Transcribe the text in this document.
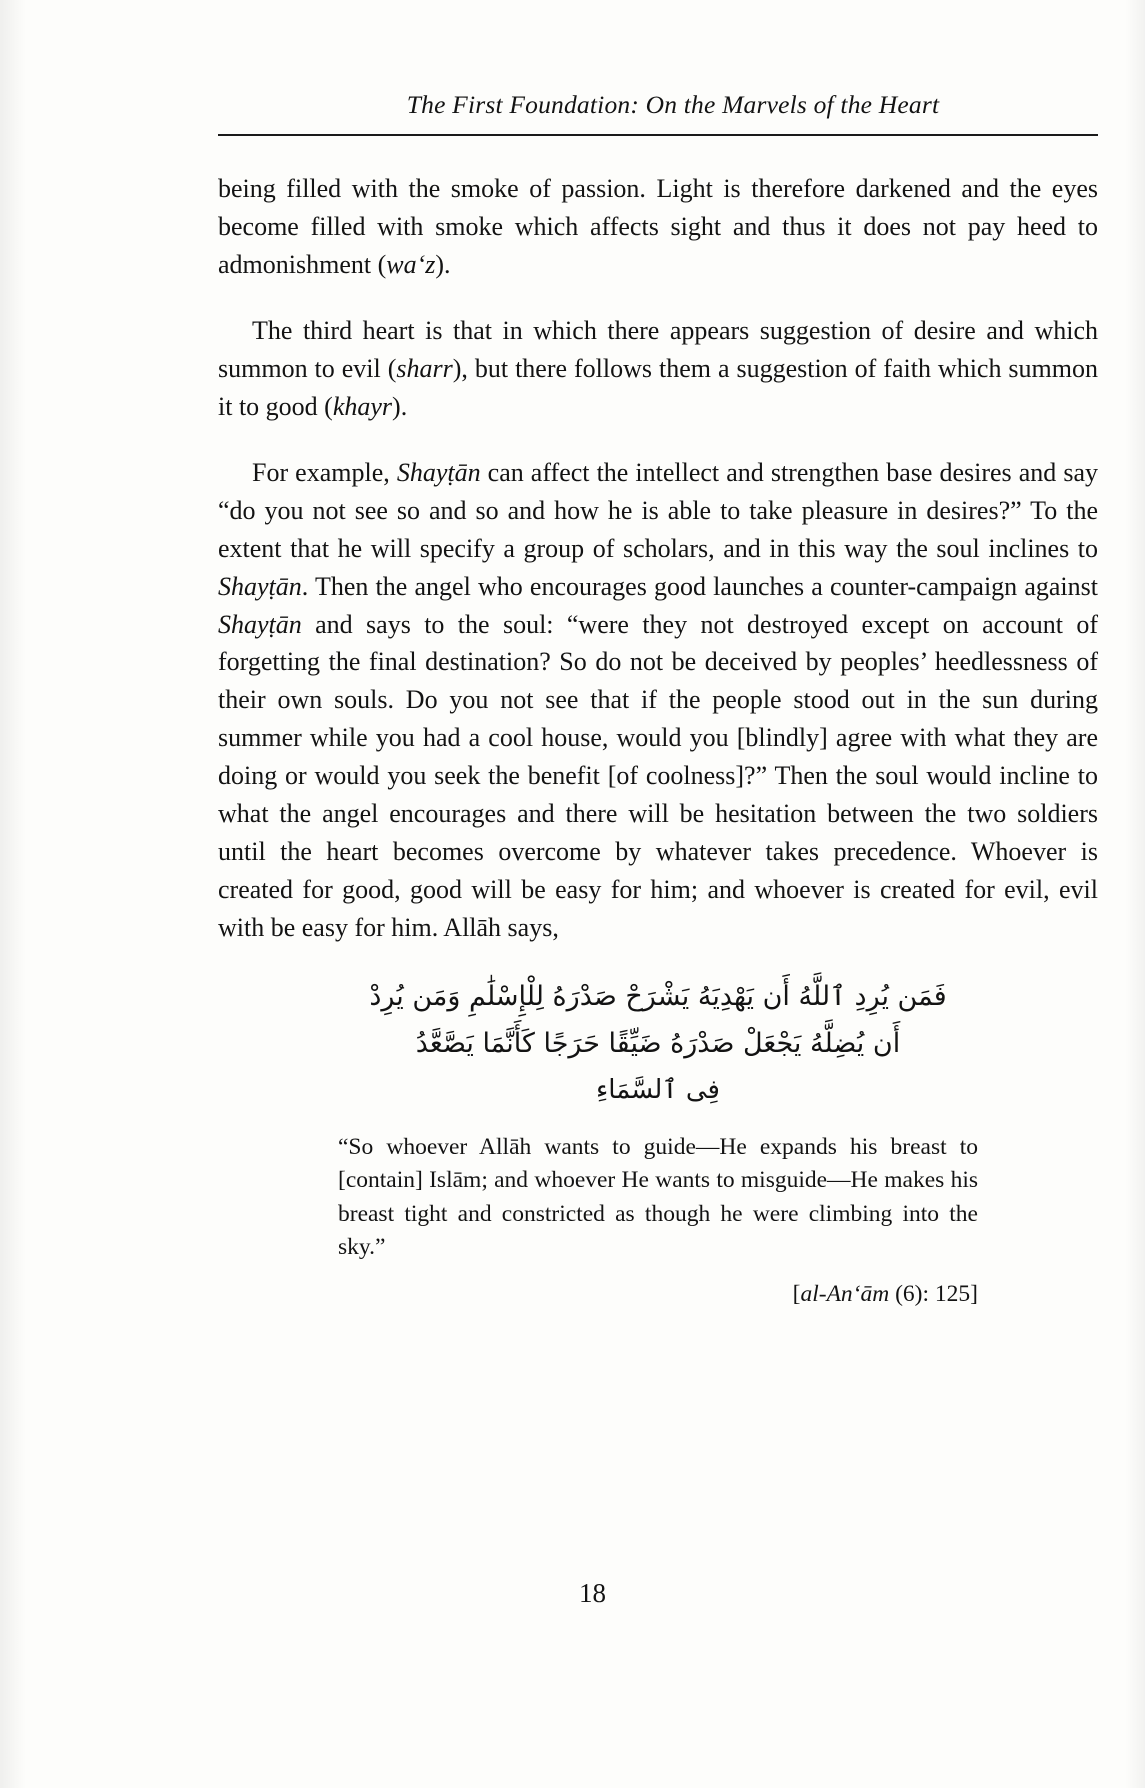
The First Foundation: On the Marvels of the Heart

being filled with the smoke of passion. Light is therefore darkened and the eyes become filled with smoke which affects sight and thus it does not pay heed to admonishment (waʻz).

The third heart is that in which there appears suggestion of desire and which summon to evil (sharr), but there follows them a suggestion of faith which summon it to good (khayr).

For example, Shayṭān can affect the intellect and strengthen base desires and say “do you not see so and so and how he is able to take pleasure in desires?” To the extent that he will specify a group of scholars, and in this way the soul inclines to Shayṭān. Then the angel who encourages good launches a counter-campaign against Shayṭān and says to the soul: “were they not destroyed except on account of forgetting the final destination? So do not be deceived by peoples’ heedlessness of their own souls. Do you not see that if the people stood out in the sun during summer while you had a cool house, would you [blindly] agree with what they are doing or would you seek the benefit [of coolness]?” Then the soul would incline to what the angel encourages and there will be hesitation between the two soldiers until the heart becomes overcome by whatever takes precedence. Whoever is created for good, good will be easy for him; and whoever is created for evil, evil with be easy for him. Allāh says,

فَمَن يُرِدِ ٱللَّهُ أَن يَهْدِيَهُ يَشْرَحْ صَدْرَهُ لِلْإِسْلَٰمِ وَمَن يُرِدْ
أَن يُضِلَّهُ يَجْعَلْ صَدْرَهُ ضَيِّقًا حَرَجًا كَأَنَّمَا يَصَّعَّدُ
فِى ٱلسَّمَاءِ
“So whoever Allāh wants to guide—He expands his breast to [contain] Islām; and whoever He wants to misguide—He makes his breast tight and constricted as though he were climbing into the sky.”
[al-Anʻām (6): 125]
18
